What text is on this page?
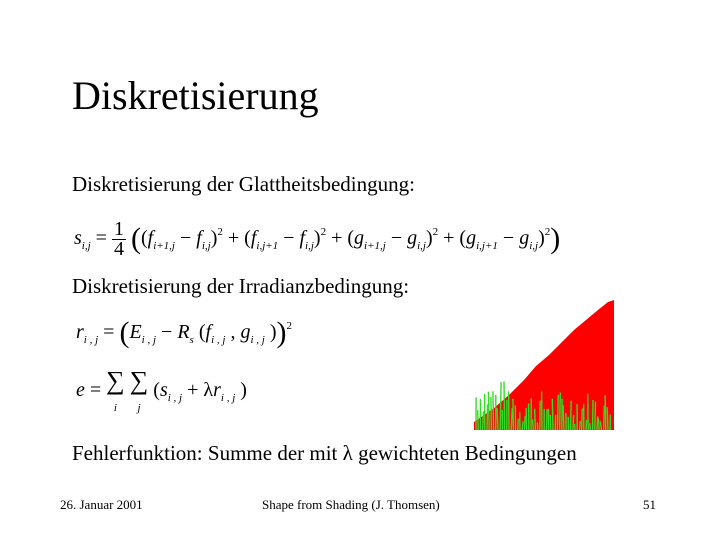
Diskretisierung
Diskretisierung der Glattheitsbedingung:
$s_{i,j} = \frac{1}{4} ((f_{i+1,j} - f_{i,j})^2 + (f_{i,j+1} - f_{i,j})^2 + (g_{i+1,j} - g_{i,j})^2 + (g_{i,j+1} - g_{i,j})^2)$
Diskretisierung der Irradianzbedingung:
$r_{i , j} = (E_{i , j} - R_s$ ($f_{i , j}$ , $g_{i , j}$ ))$^2$
e = ∑
i ∑
j ($s_{i , j} + \lambda r_{i , j}$ )
Fehlerfunktion: Summe der mit λ gewichteten Bedingungen
26. Januar 2001	Shape from Shading (J. Thomsen)	51
